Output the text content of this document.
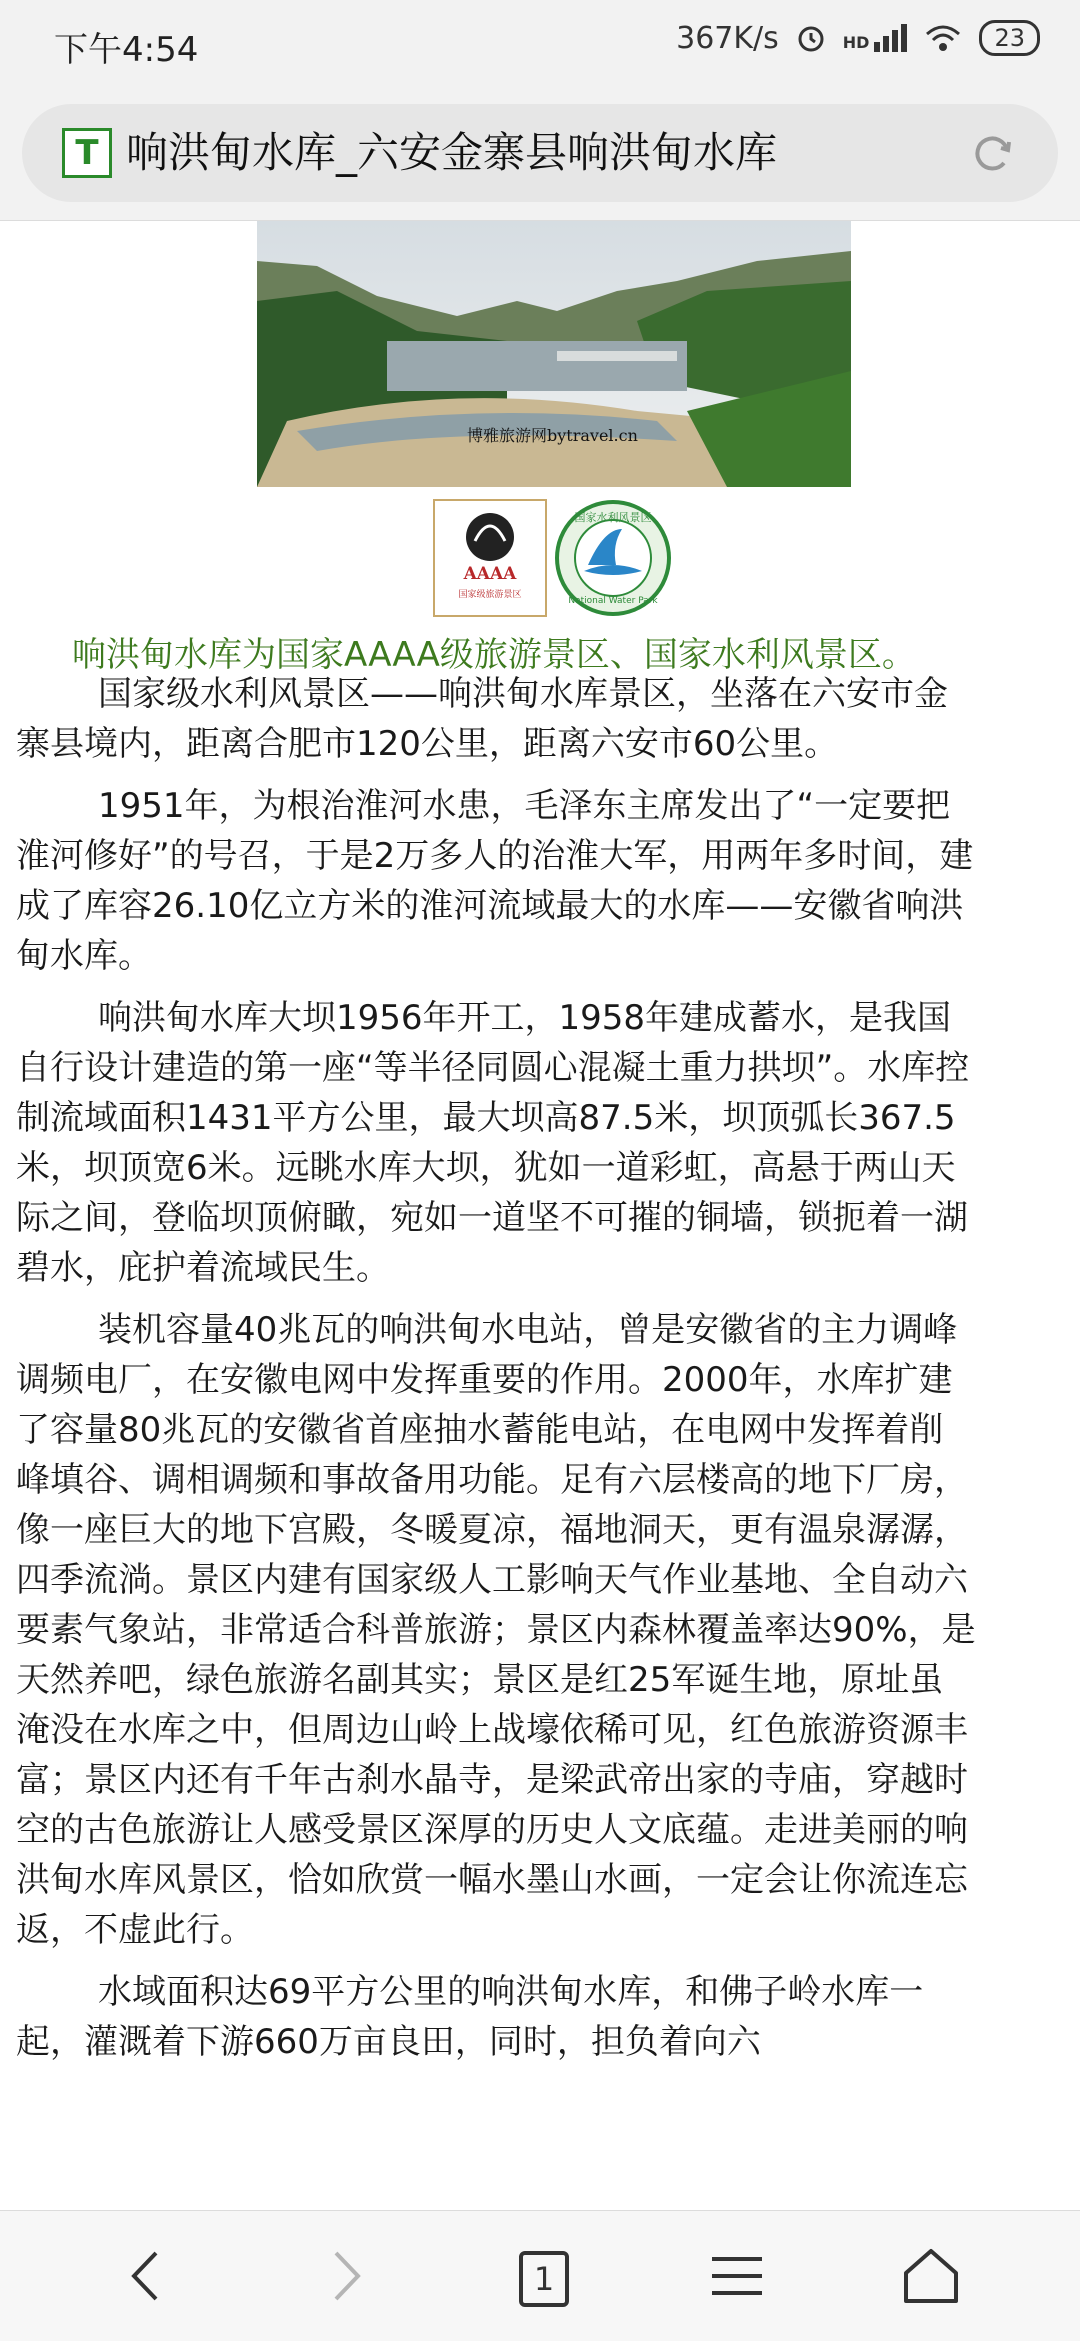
下午4:54	367K/s	HD	23
T 响洪甸水库_六安金寨县响洪甸水库
博雅旅游网bytravel.cn
AAAA
国家级旅游景区
国家水利风景区
National Water Park
响洪甸水库为国家AAAA级旅游景区、国家水利风景区。

国家级水利风景区——响洪甸水库景区，坐落在六安市金寨县境内，距离合肥市120公里，距离六安市60公里。

1951年，为根治淮河水患，毛泽东主席发出了“一定要把淮河修好”的号召，于是2万多人的治淮大军，用两年多时间，建成了库容26.10亿立方米的淮河流域最大的水库——安徽省响洪甸水库。

响洪甸水库大坝1956年开工，1958年建成蓄水，是我国自行设计建造的第一座“等半径同圆心混凝土重力拱坝”。水库控制流域面积1431平方公里，最大坝高87.5米，坝顶弧长367.5米，坝顶宽6米。远眺水库大坝，犹如一道彩虹，高悬于两山天际之间，登临坝顶俯瞰，宛如一道坚不可摧的铜墙，锁扼着一湖碧水，庇护着流域民生。

装机容量40兆瓦的响洪甸水电站，曾是安徽省的主力调峰调频电厂，在安徽电网中发挥重要的作用。2000年，水库扩建了容量80兆瓦的安徽省首座抽水蓄能电站，在电网中发挥着削峰填谷、调相调频和事故备用功能。足有六层楼高的地下厂房，像一座巨大的地下宫殿，冬暖夏凉，福地洞天，更有温泉潺潺，四季流淌。景区内建有国家级人工影响天气作业基地、全自动六要素气象站，非常适合科普旅游；景区内森林覆盖率达90%，是天然养吧，绿色旅游名副其实；景区是红25军诞生地，原址虽淹没在水库之中，但周边山岭上战壕依稀可见，红色旅游资源丰富；景区内还有千年古刹水晶寺，是梁武帝出家的寺庙，穿越时空的古色旅游让人感受景区深厚的历史人文底蕴。走进美丽的响洪甸水库风景区，恰如欣赏一幅水墨山水画，一定会让你流连忘返，不虚此行。

水域面积达69平方公里的响洪甸水库，和佛子岭水库一起，灌溉着下游660万亩良田，同时，担负着向六

1
